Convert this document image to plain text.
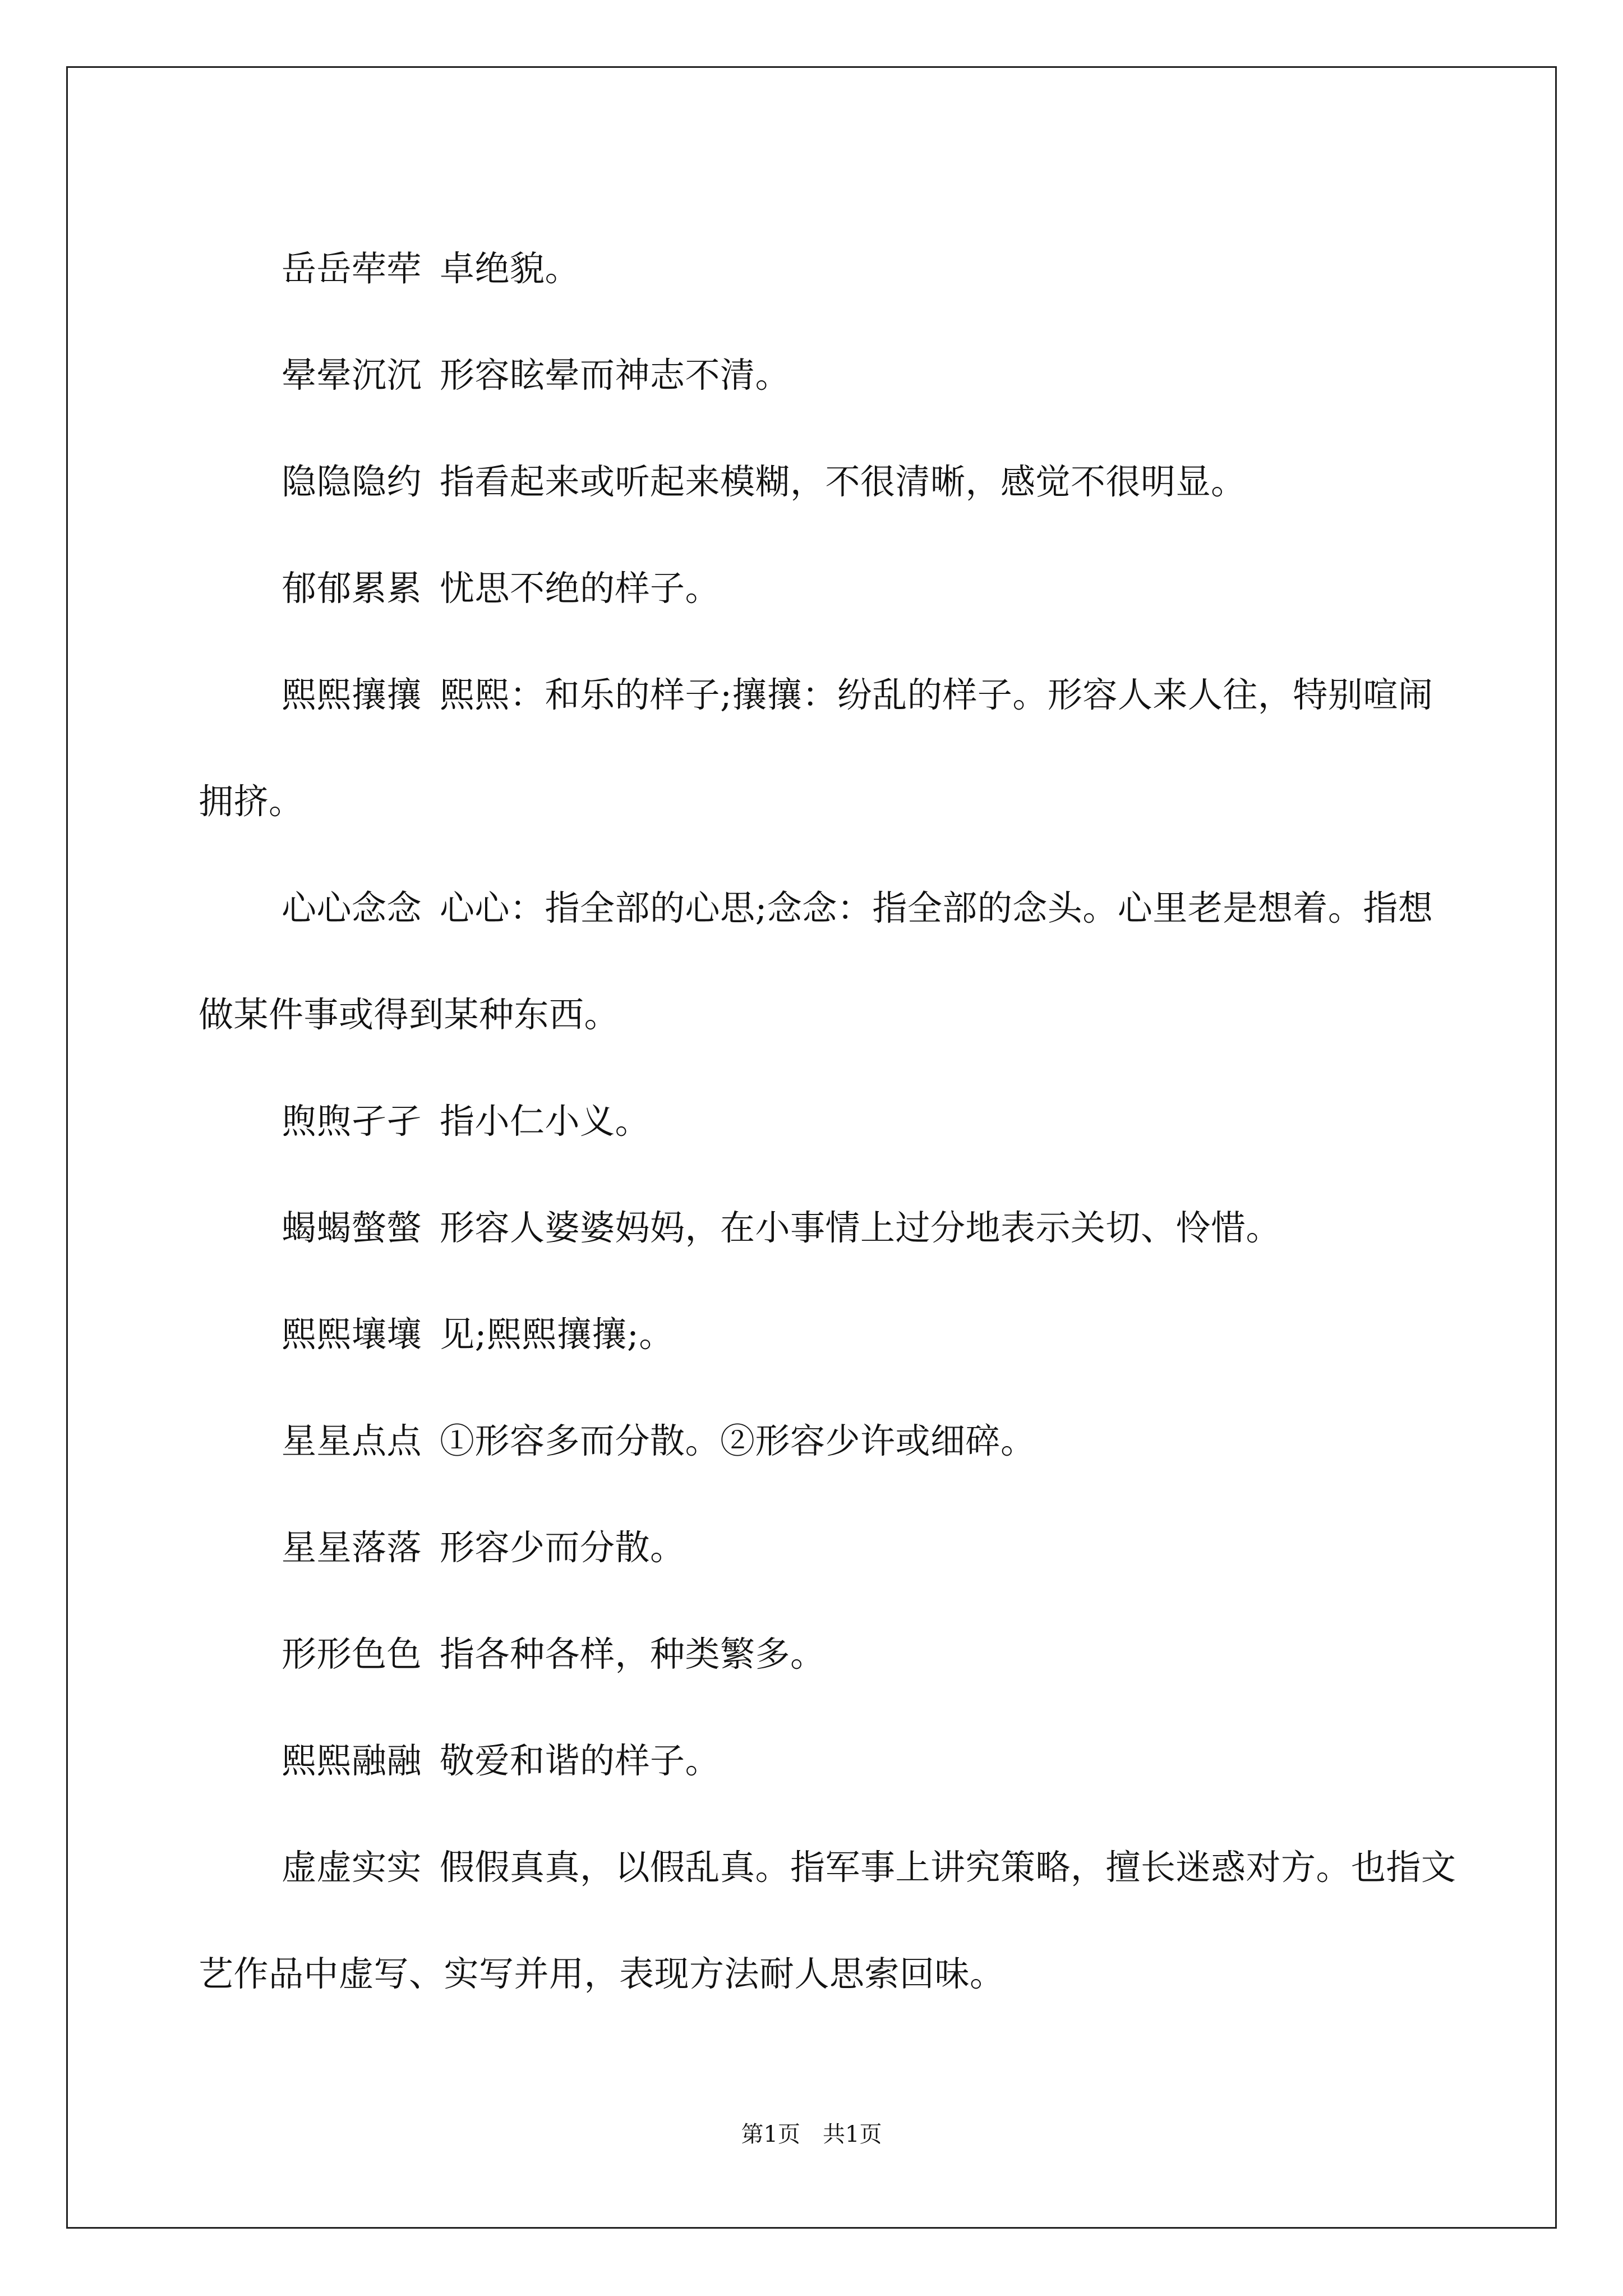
岳岳荦荦 卓绝貌。

晕晕沉沉 形容眩晕而神志不清。

隐隐隐约 指看起来或听起来模糊，不很清晰，感觉不很明显。

郁郁累累 忧思不绝的样子。

熙熙攘攘 熙熙：和乐的样子;攘攘：纷乱的样子。形容人来人往，特别喧闹拥挤。

心心念念 心心：指全部的心思;念念：指全部的念头。心里老是想着。指想做某件事或得到某种东西。

煦煦孑孑 指小仁小义。

蝎蝎螫螫 形容人婆婆妈妈，在小事情上过分地表示关切、怜惜。

熙熙壤壤 见;熙熙攘攘;。

星星点点 ①形容多而分散。②形容少许或细碎。

星星落落 形容少而分散。

形形色色 指各种各样，种类繁多。

熙熙融融 敬爱和谐的样子。

虚虚实实 假假真真，以假乱真。指军事上讲究策略，擅长迷惑对方。也指文艺作品中虚写、实写并用，表现方法耐人思索回味。

第1页　共1页
